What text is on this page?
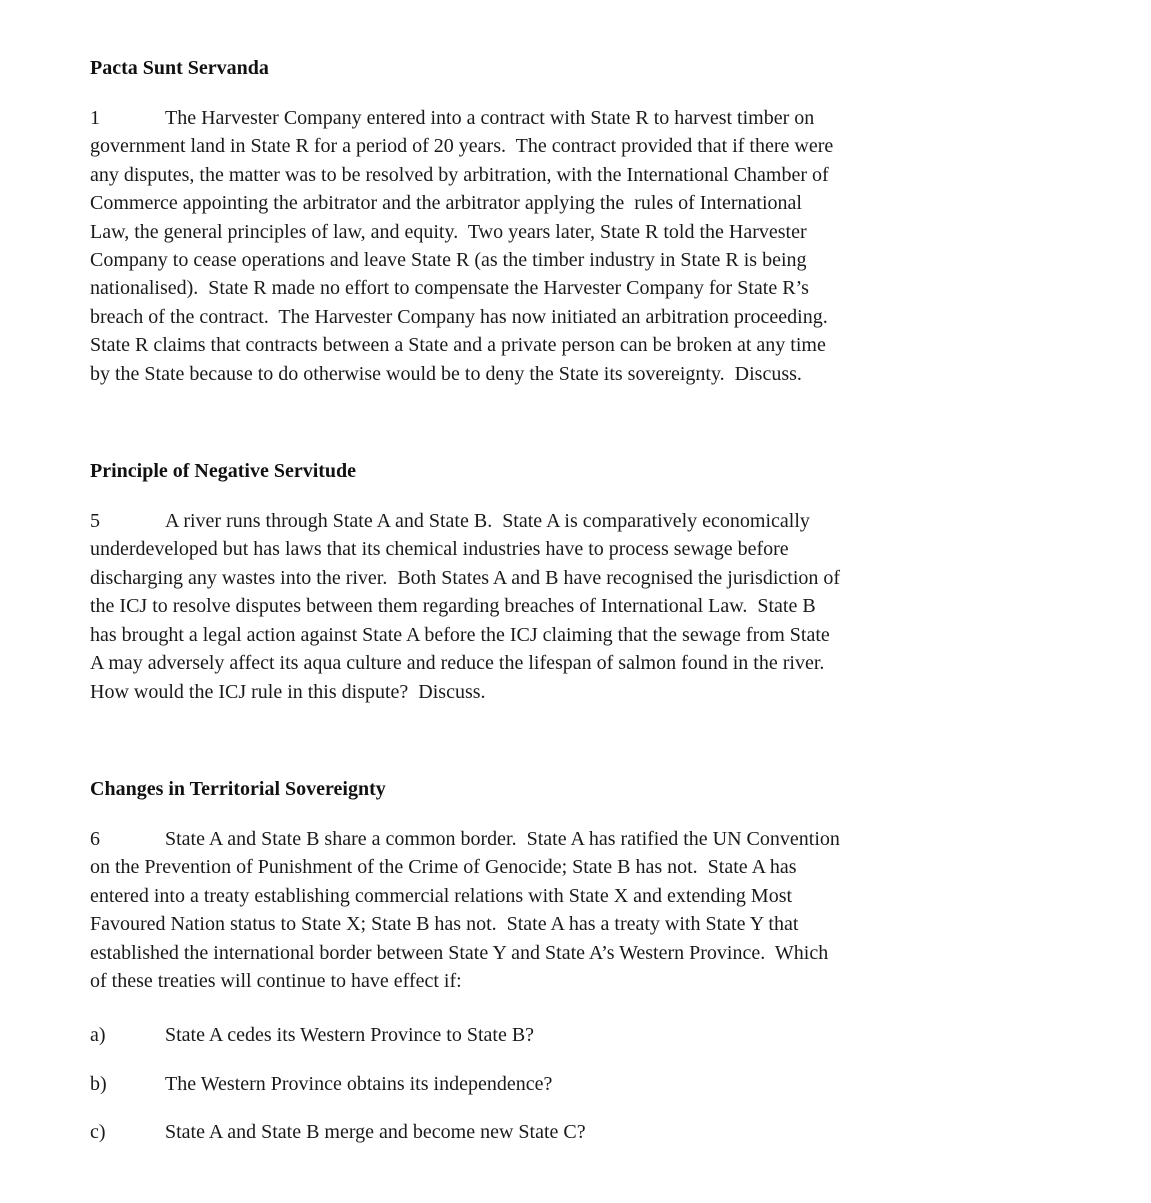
Pacta Sunt Servanda
1	The Harvester Company entered into a contract with State R to harvest timber on
government land in State R for a period of 20 years.  The contract provided that if there were
any disputes, the matter was to be resolved by arbitration, with the International Chamber of
Commerce appointing the arbitrator and the arbitrator applying the  rules of International
Law, the general principles of law, and equity.  Two years later, State R told the Harvester
Company to cease operations and leave State R (as the timber industry in State R is being
nationalised).  State R made no effort to compensate the Harvester Company for State R’s
breach of the contract.  The Harvester Company has now initiated an arbitration proceeding.
State R claims that contracts between a State and a private person can be broken at any time
by the State because to do otherwise would be to deny the State its sovereignty.  Discuss.
Principle of Negative Servitude
5	A river runs through State A and State B.  State A is comparatively economically
underdeveloped but has laws that its chemical industries have to process sewage before
discharging any wastes into the river.  Both States A and B have recognised the jurisdiction of
the ICJ to resolve disputes between them regarding breaches of International Law.  State B
has brought a legal action against State A before the ICJ claiming that the sewage from State
A may adversely affect its aqua culture and reduce the lifespan of salmon found in the river.
How would the ICJ rule in this dispute?  Discuss.
Changes in Territorial Sovereignty
6	State A and State B share a common border.  State A has ratified the UN Convention
on the Prevention of Punishment of the Crime of Genocide; State B has not.  State A has
entered into a treaty establishing commercial relations with State X and extending Most
Favoured Nation status to State X; State B has not.  State A has a treaty with State Y that
established the international border between State Y and State A’s Western Province.  Which
of these treaties will continue to have effect if:
a)	State A cedes its Western Province to State B?
b)	The Western Province obtains its independence?
c)	State A and State B merge and become new State C?
